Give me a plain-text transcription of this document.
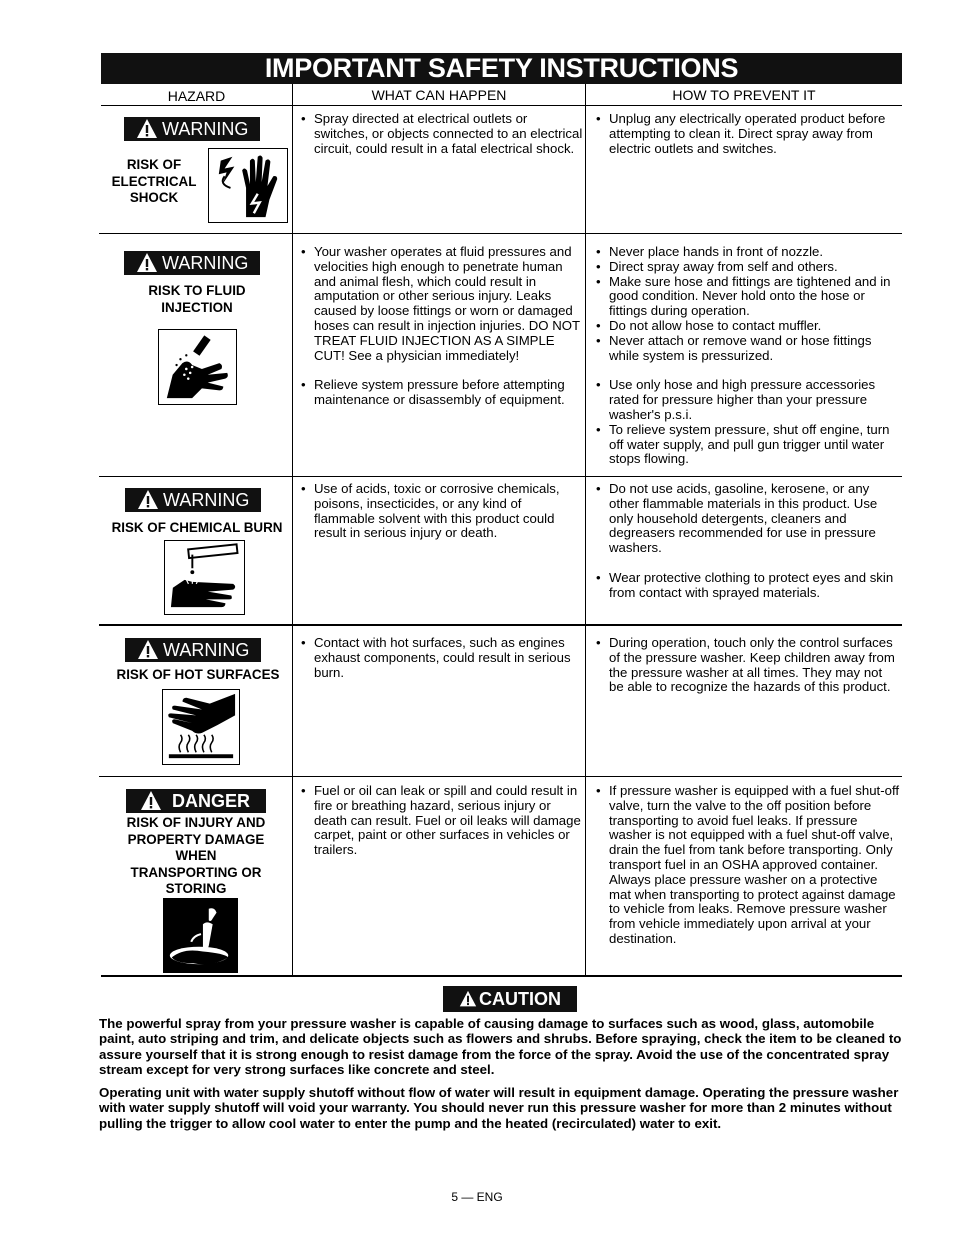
IMPORTANT SAFETY INSTRUCTIONS
HAZARD	WHAT CAN HAPPEN	HOW TO PREVENT IT
WARNING
RISK OF
ELECTRICAL
SHOCK
• Spray directed at electrical outlets or switches, or objects connected to an electrical circuit, could result in a fatal electrical shock.
• Unplug any electrically operated product before attempting to clean it. Direct spray away from electric outlets and switches.
WARNING
RISK TO FLUID
INJECTION
• Your washer operates at fluid pressures and velocities high enough to penetrate human and animal flesh, which could result in amputation or other serious injury. Leaks caused by loose fittings or worn or damaged hoses can result in injection injuries. DO NOT TREAT FLUID INJECTION AS A SIMPLE CUT! See a physician immediately!
• Relieve system pressure before attempting maintenance or disassembly of equipment.
• Never place hands in front of nozzle.
• Direct spray away from self and others.
• Make sure hose and fittings are tightened and in good condition. Never hold onto the hose or fittings during operation.
• Do not allow hose to contact muffler.
• Never attach or remove wand or hose fittings while system is pressurized.
• Use only hose and high pressure accessories rated for pressure higher than your pressure washer's p.s.i.
• To relieve system pressure, shut off engine, turn off water supply, and pull gun trigger until water stops flowing.
WARNING
RISK OF CHEMICAL BURN
• Use of acids, toxic or corrosive chemicals, poisons, insecticides, or any kind of flammable solvent with this product could result in serious injury or death.
• Do not use acids, gasoline, kerosene, or any other flammable materials in this product. Use only household detergents, cleaners and degreasers recommended for use in pressure washers.
• Wear protective clothing to protect eyes and skin from contact with sprayed materials.
WARNING
RISK OF HOT SURFACES
• Contact with hot surfaces, such as engines exhaust components, could result in serious burn.
• During operation, touch only the control surfaces of the pressure washer. Keep children away from the pressure washer at all times. They may not be able to recognize the hazards of this product.
DANGER
RISK OF INJURY AND
PROPERTY DAMAGE
WHEN
TRANSPORTING OR
STORING
• Fuel or oil can leak or spill and could result in fire or breathing hazard, serious injury or death can result. Fuel or oil leaks will damage carpet, paint or other surfaces in vehicles or trailers.
• If pressure washer is equipped with a fuel shut-off valve, turn the valve to the off position before transporting to avoid fuel leaks. If pressure washer is not equipped with a fuel shut-off valve, drain the fuel from tank before transporting. Only transport fuel in an OSHA approved container. Always place pressure washer on a protective mat when transporting to protect against damage to vehicle from leaks. Remove pressure washer from vehicle immediately upon arrival at your destination.
CAUTION
The powerful spray from your pressure washer is capable of causing damage to surfaces such as wood, glass, automobile paint, auto striping and trim, and delicate objects such as flowers and shrubs. Before spraying, check the item to be cleaned to assure yourself that it is strong enough to resist damage from the force of the spray. Avoid the use of the concentrated spray stream except for very strong surfaces like concrete and steel.
Operating unit with water supply shutoff without flow of water will result in equipment damage. Operating the pressure washer with water supply shutoff will void your warranty. You should never run this pressure washer for more than 2 minutes without pulling the trigger to allow cool water to enter the pump and the heated (recirculated) water to exit.
5 — ENG
